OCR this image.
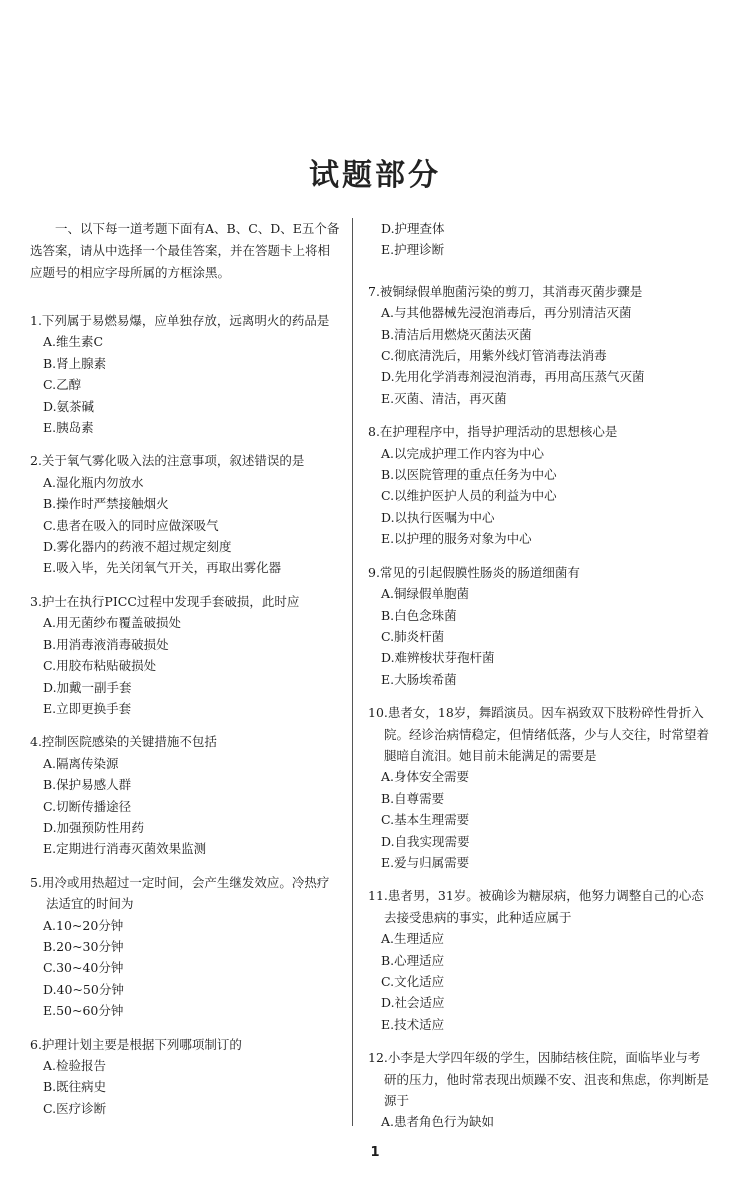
试题部分
一、以下每一道考题下面有A、B、C、D、E五个备选答案，请从中选择一个最佳答案，并在答题卡上将相应题号的相应字母所属的方框涂黑。
1.下列属于易燃易爆，应单独存放，远离明火的药品是
A.维生素C
B.肾上腺素
C.乙醇
D.氨茶碱
E.胰岛素
2.关于氧气雾化吸入法的注意事项，叙述错误的是
A.湿化瓶内勿放水
B.操作时严禁接触烟火
C.患者在吸入的同时应做深吸气
D.雾化器内的药液不超过规定刻度
E.吸入毕，先关闭氧气开关，再取出雾化器
3.护士在执行PICC过程中发现手套破损，此时应
A.用无菌纱布覆盖破损处
B.用消毒液消毒破损处
C.用胶布粘贴破损处
D.加戴一副手套
E.立即更换手套
4.控制医院感染的关键措施不包括
A.隔离传染源
B.保护易感人群
C.切断传播途径
D.加强预防性用药
E.定期进行消毒灭菌效果监测
5.用冷或用热超过一定时间，会产生继发效应。冷热疗法适宜的时间为
A.10~20分钟
B.20~30分钟
C.30~40分钟
D.40~50分钟
E.50~60分钟
6.护理计划主要是根据下列哪项制订的
A.检验报告
B.既往病史
C.医疗诊断
D.护理查体
E.护理诊断
7.被铜绿假单胞菌污染的剪刀，其消毒灭菌步骤是
A.与其他器械先浸泡消毒后，再分别清洁灭菌
B.清洁后用燃烧灭菌法灭菌
C.彻底清洗后，用紫外线灯管消毒法消毒
D.先用化学消毒剂浸泡消毒，再用高压蒸气灭菌
E.灭菌、清洁，再灭菌
8.在护理程序中，指导护理活动的思想核心是
A.以完成护理工作内容为中心
B.以医院管理的重点任务为中心
C.以维护医护人员的利益为中心
D.以执行医嘱为中心
E.以护理的服务对象为中心
9.常见的引起假膜性肠炎的肠道细菌有
A.铜绿假单胞菌
B.白色念珠菌
C.肺炎杆菌
D.难辨梭状芽孢杆菌
E.大肠埃希菌
10.患者女，18岁，舞蹈演员。因车祸致双下肢粉碎性骨折入院。经诊治病情稳定，但情绪低落，少与人交往，时常望着腿暗自流泪。她目前未能满足的需要是
A.身体安全需要
B.自尊需要
C.基本生理需要
D.自我实现需要
E.爱与归属需要
11.患者男，31岁。被确诊为糖尿病，他努力调整自己的心态去接受患病的事实，此种适应属于
A.生理适应
B.心理适应
C.文化适应
D.社会适应
E.技术适应
12.小李是大学四年级的学生，因肺结核住院，面临毕业与考研的压力，他时常表现出烦躁不安、沮丧和焦虑，你判断是源于
A.患者角色行为缺如
1
